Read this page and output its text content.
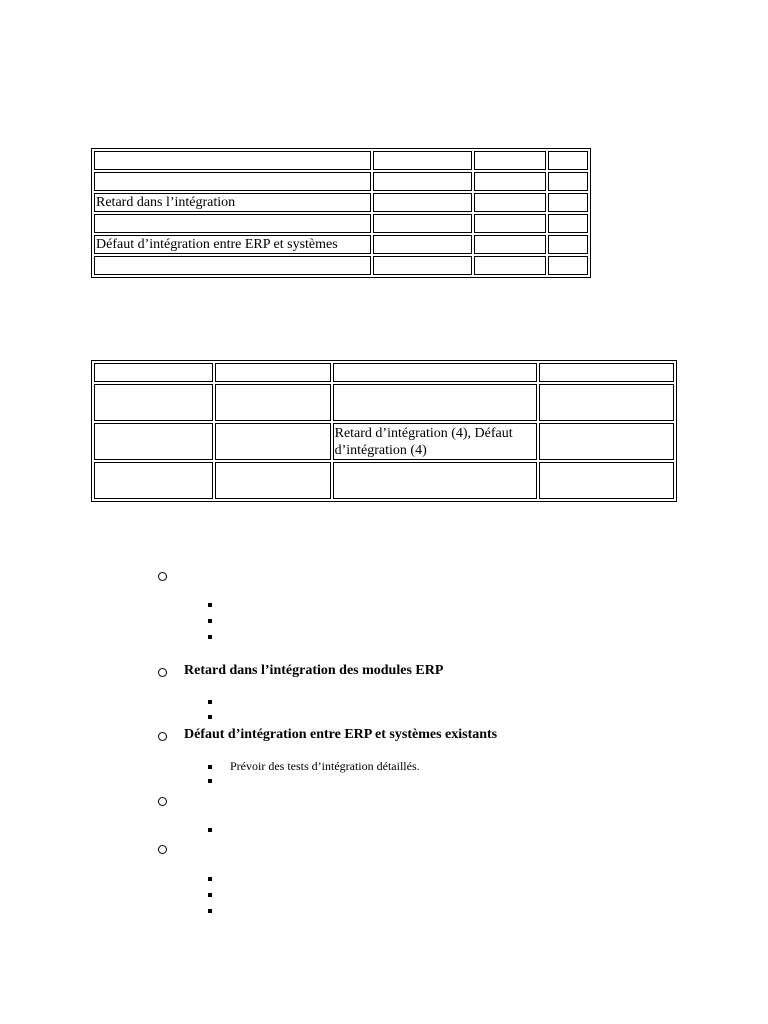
Retard dans l’intégration			

Défaut d’intégration entre ERP et systèmes			

		Retard d’intégration (4), Défaut d’intégration (4)	

Retard dans l’intégration des modules ERP
Défaut d’intégration entre ERP et systèmes existants
Prévoir des tests d’intégration détaillés.
